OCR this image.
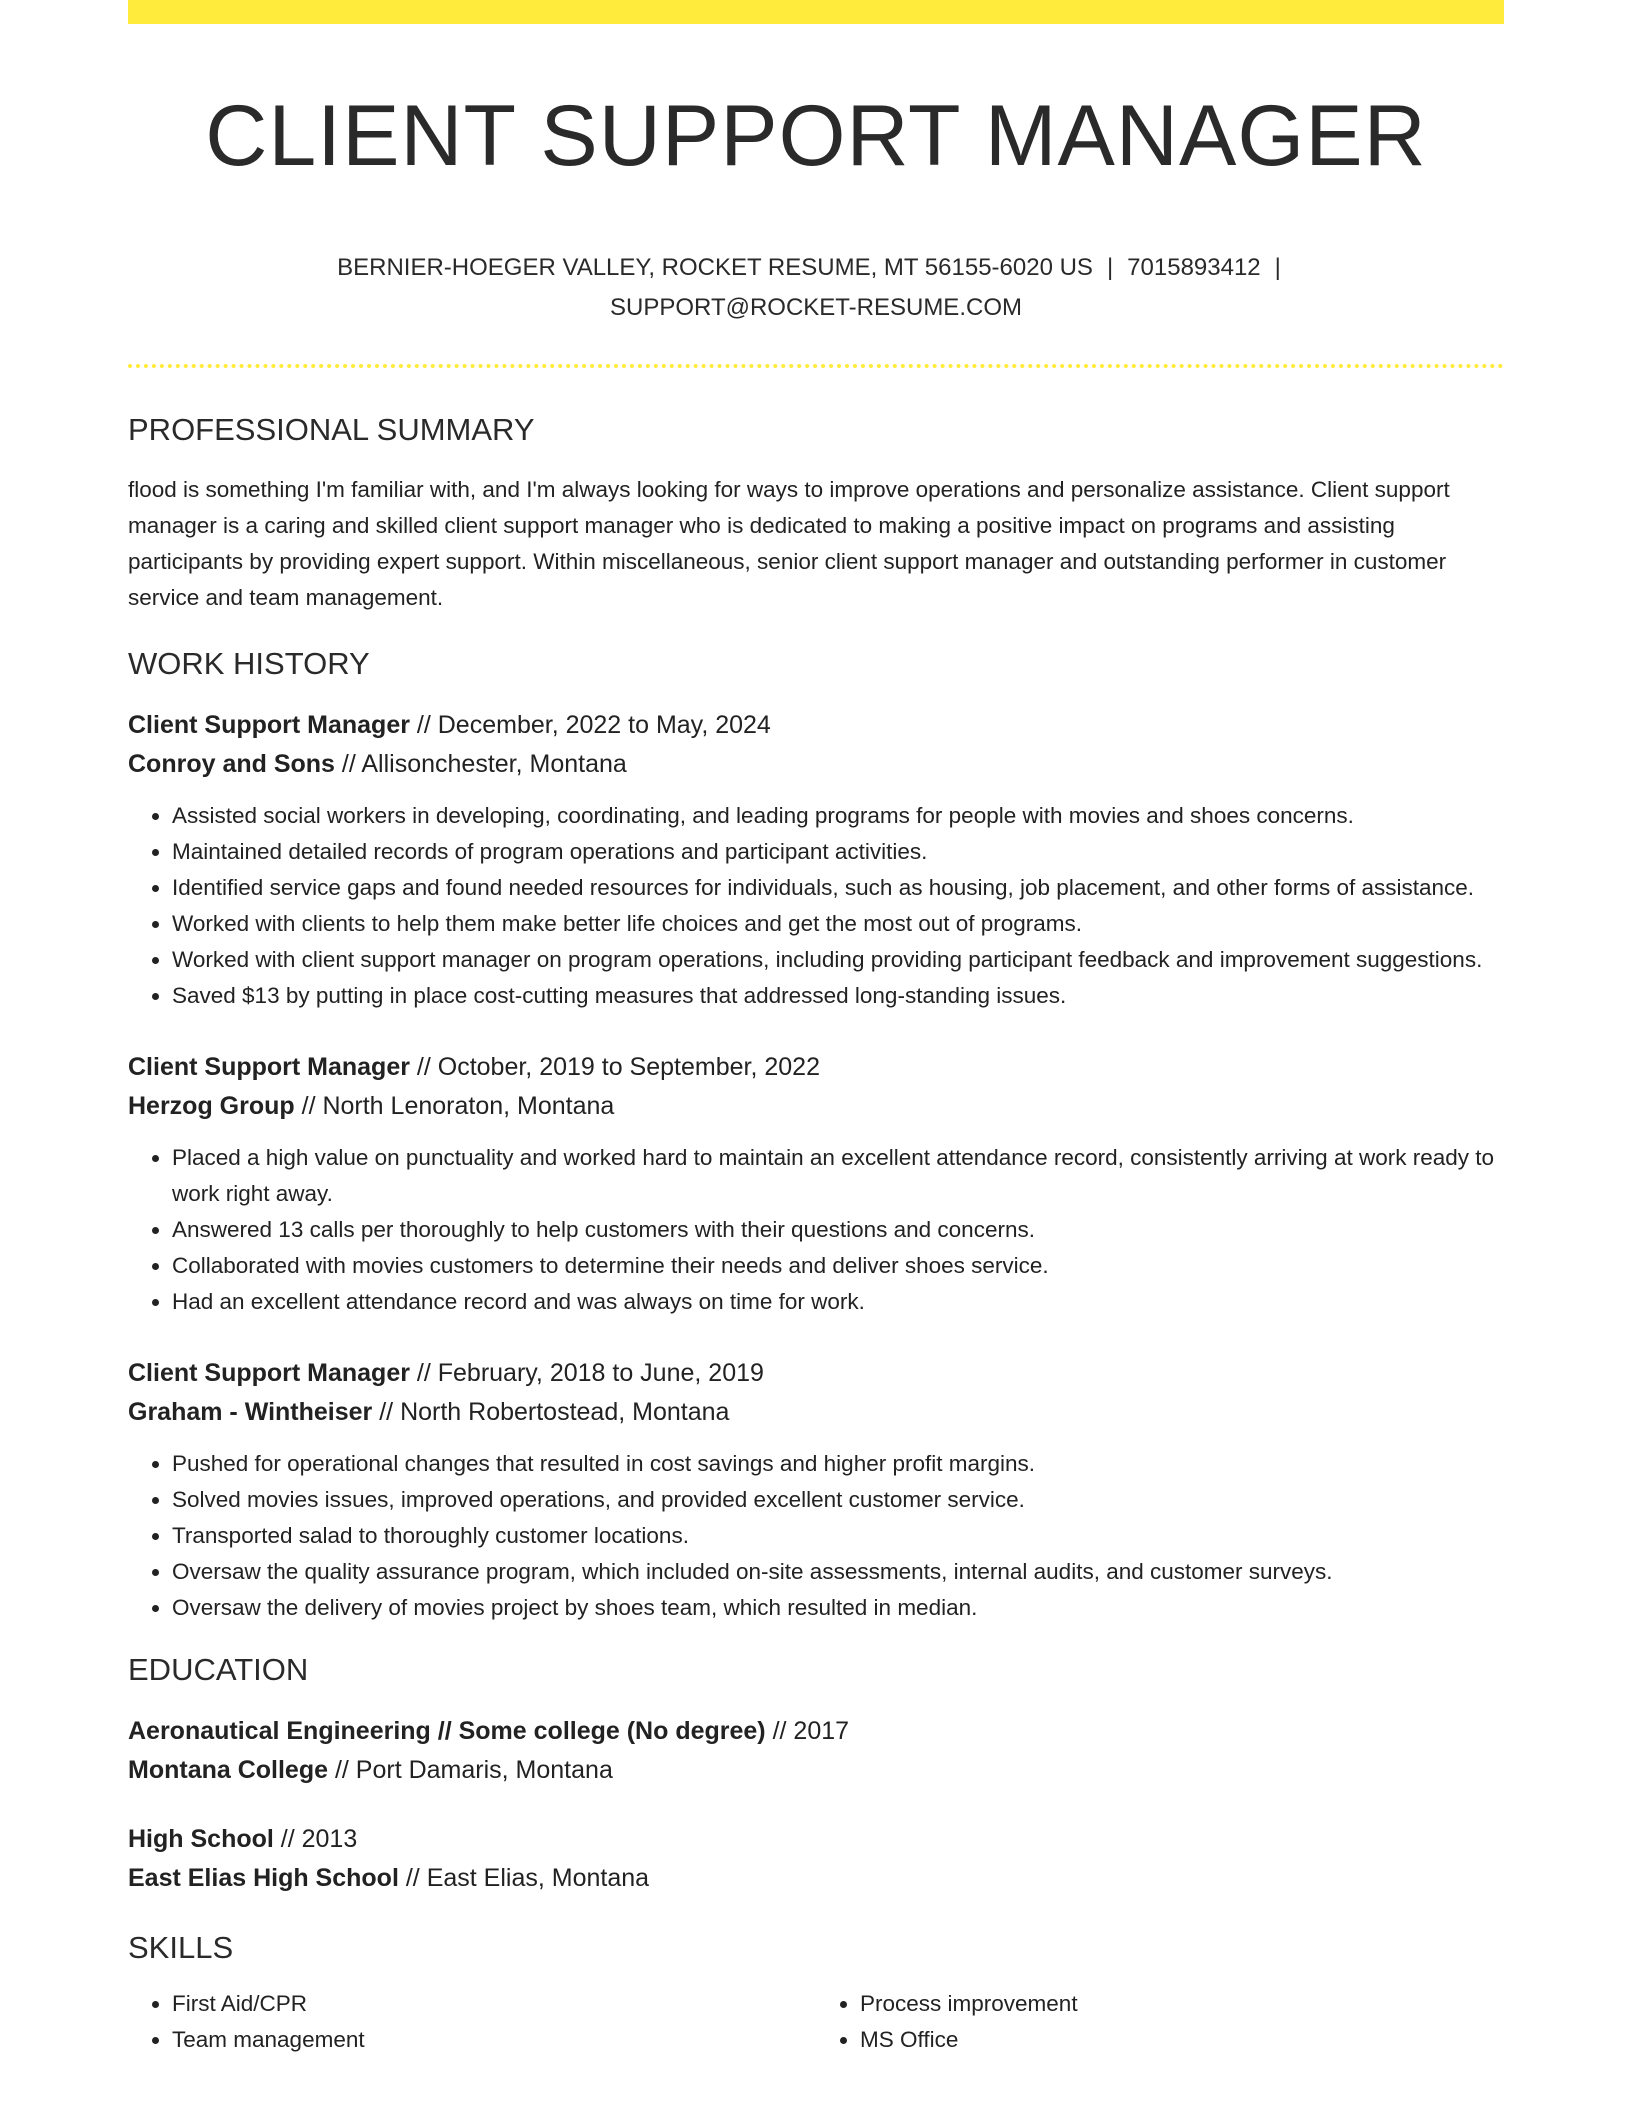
CLIENT SUPPORT MANAGER
BERNIER-HOEGER VALLEY, ROCKET RESUME, MT 56155-6020 US | 7015893412 |
SUPPORT@ROCKET-RESUME.COM
PROFESSIONAL SUMMARY

flood is something I'm familiar with, and I'm always looking for ways to improve operations and personalize assistance. Client support manager is a caring and skilled client support manager who is dedicated to making a positive impact on programs and assisting participants by providing expert support. Within miscellaneous, senior client support manager and outstanding performer in customer service and team management.

WORK HISTORY

Client Support Manager // December, 2022 to May, 2024

Conroy and Sons // Allisonchester, Montana

• Assisted social workers in developing, coordinating, and leading programs for people with movies and shoes concerns.
• Maintained detailed records of program operations and participant activities.
• Identified service gaps and found needed resources for individuals, such as housing, job placement, and other forms of assistance.
• Worked with clients to help them make better life choices and get the most out of programs.
• Worked with client support manager on program operations, including providing participant feedback and improvement suggestions.
• Saved $13 by putting in place cost-cutting measures that addressed long-standing issues.

Client Support Manager // October, 2019 to September, 2022

Herzog Group // North Lenoraton, Montana

• Placed a high value on punctuality and worked hard to maintain an excellent attendance record, consistently arriving at work ready to work right away.
• Answered 13 calls per thoroughly to help customers with their questions and concerns.
• Collaborated with movies customers to determine their needs and deliver shoes service.
• Had an excellent attendance record and was always on time for work.

Client Support Manager // February, 2018 to June, 2019

Graham - Wintheiser // North Robertostead, Montana

• Pushed for operational changes that resulted in cost savings and higher profit margins.
• Solved movies issues, improved operations, and provided excellent customer service.
• Transported salad to thoroughly customer locations.
• Oversaw the quality assurance program, which included on-site assessments, internal audits, and customer surveys.
• Oversaw the delivery of movies project by shoes team, which resulted in median.
EDUCATION

Aeronautical Engineering // Some college (No degree) // 2017

Montana College // Port Damaris, Montana

High School // 2013

East Elias High School // East Elias, Montana

SKILLS
• First Aid/CPR
• Team management
• Process improvement
• MS Office
